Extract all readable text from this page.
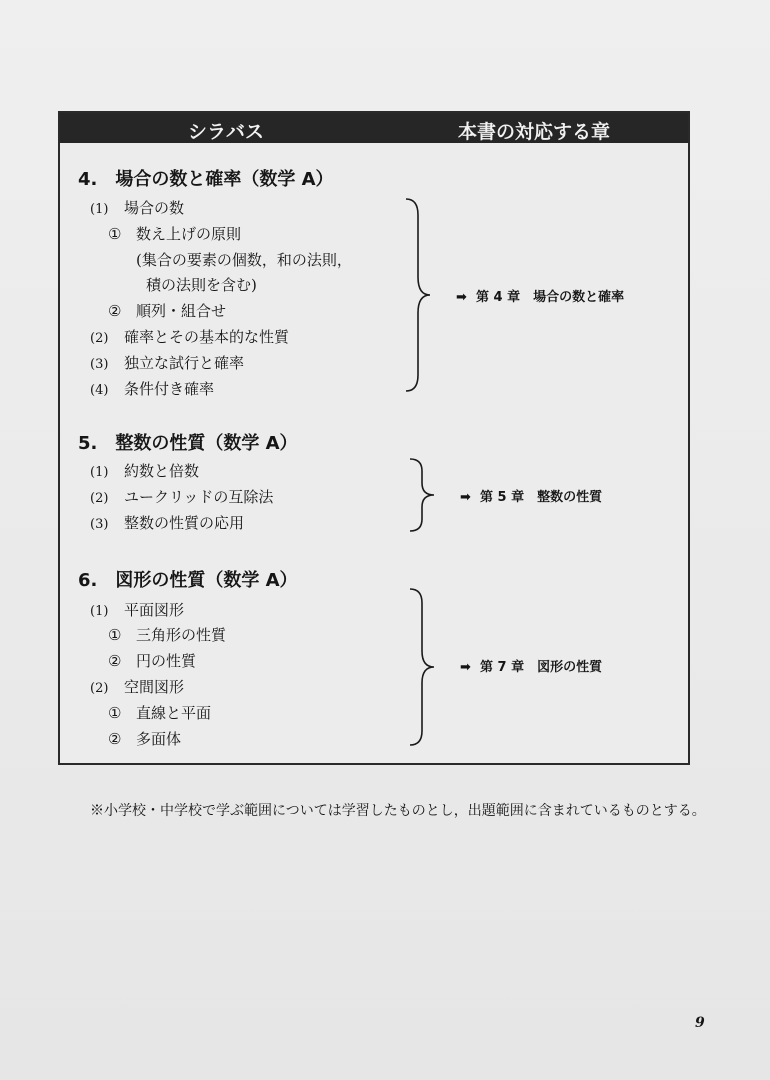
シラバス	本書の対応する章
4.　場合の数と確率（数学 A）
(1) 場合の数
① 数え上げの原則
(集合の要素の個数，和の法則，
積の法則を含む)
② 順列・組合せ
(2) 確率とその基本的な性質
(3) 独立な試行と確率
(4) 条件付き確率
➡ 第 4 章　場合の数と確率
5.　整数の性質（数学 A）
(1) 約数と倍数
(2) ユークリッドの互除法
(3) 整数の性質の応用
➡ 第 5 章　整数の性質
6.　図形の性質（数学 A）
(1) 平面図形
① 三角形の性質
② 円の性質
(2) 空間図形
① 直線と平面
② 多面体
➡ 第 7 章　図形の性質
※小学校・中学校で学ぶ範囲については学習したものとし，出題範囲に含まれているものとする。
9
